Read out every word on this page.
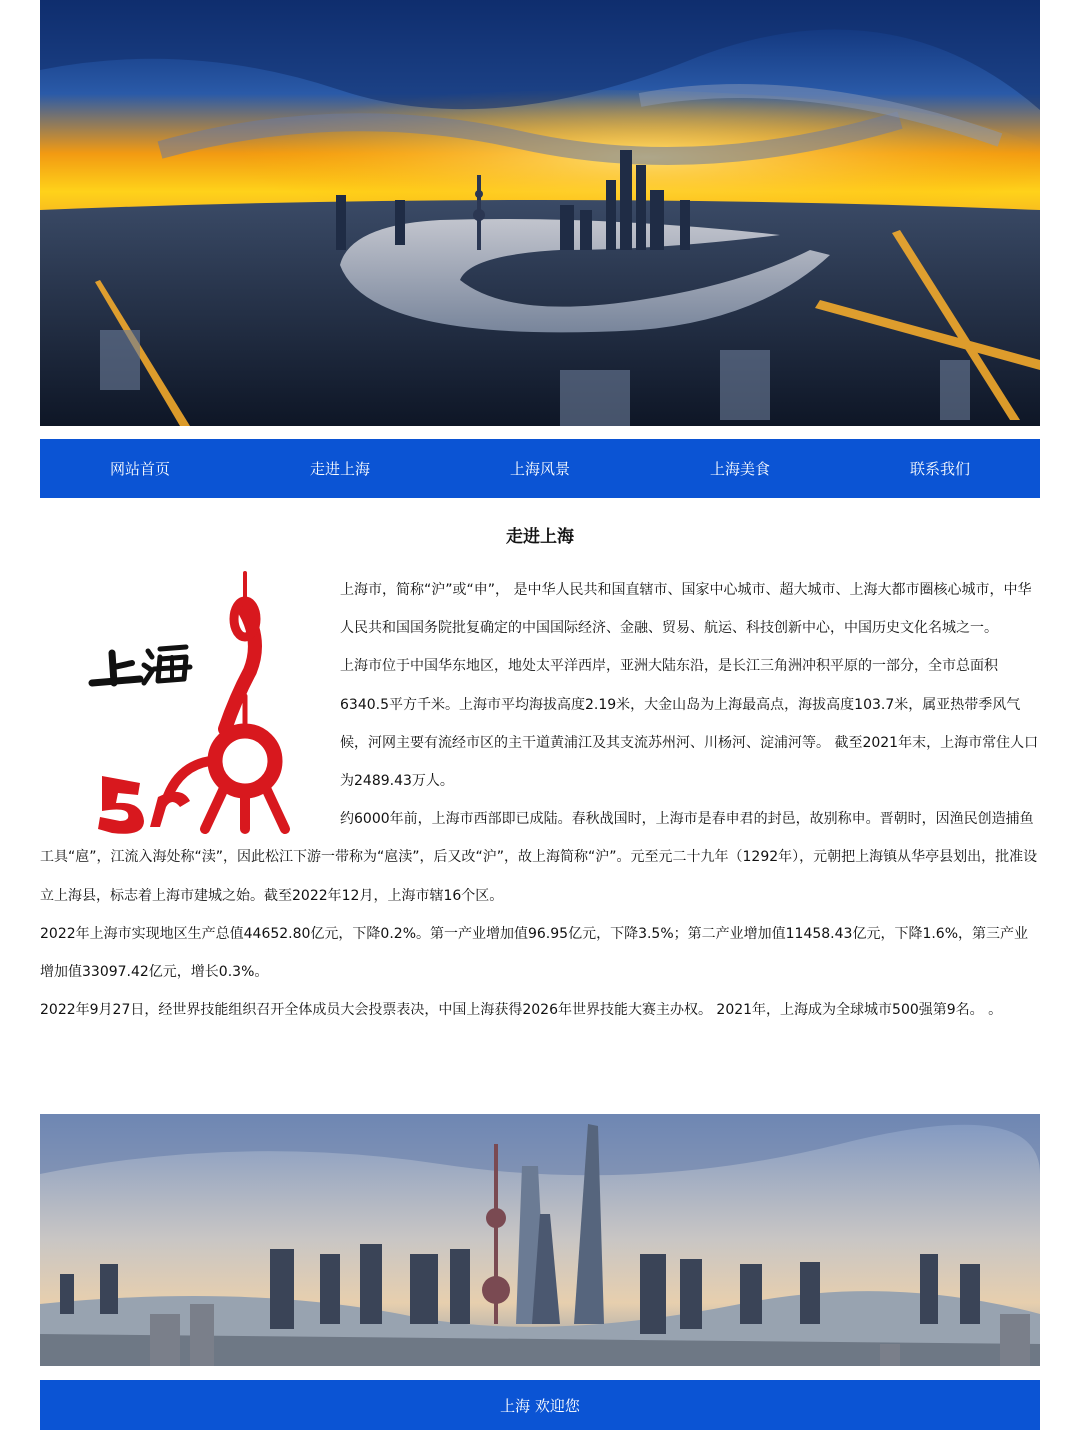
网站首页	走进上海	上海风景	上海美食	联系我们
走进上海

上海市，简称“沪”或“申”， 是中华人民共和国直辖市、国家中心城市、超大城市、上海大都市圈核心城市，中华人民共和国国务院批复确定的中国国际经济、金融、贸易、航运、科技创新中心，中国历史文化名城之一。

上海市位于中国华东地区，地处太平洋西岸，亚洲大陆东沿，是长江三角洲冲积平原的一部分，全市总面积6340.5平方千米。上海市平均海拔高度2.19米，大金山岛为上海最高点，海拔高度103.7米，属亚热带季风气候，河网主要有流经市区的主干道黄浦江及其支流苏州河、川杨河、淀浦河等。 截至2021年末，上海市常住人口为2489.43万人。

约6000年前，上海市西部即已成陆。春秋战国时，上海市是春申君的封邑，故别称申。晋朝时，因渔民创造捕鱼工具“扈”，江流入海处称“渎”，因此松江下游一带称为“扈渎”，后又改“沪”，故上海简称“沪”。元至元二十九年（1292年），元朝把上海镇从华亭县划出，批准设立上海县，标志着上海市建城之始。截至2022年12月，上海市辖16个区。

2022年上海市实现地区生产总值44652.80亿元，下降0.2%。第一产业增加值96.95亿元，下降3.5%；第二产业增加值11458.43亿元，下降1.6%，第三产业增加值33097.42亿元，增长0.3%。

2022年9月27日，经世界技能组织召开全体成员大会投票表决，中国上海获得2026年世界技能大赛主办权。 2021年，上海成为全球城市500强第9名。 。

上海 欢迎您
